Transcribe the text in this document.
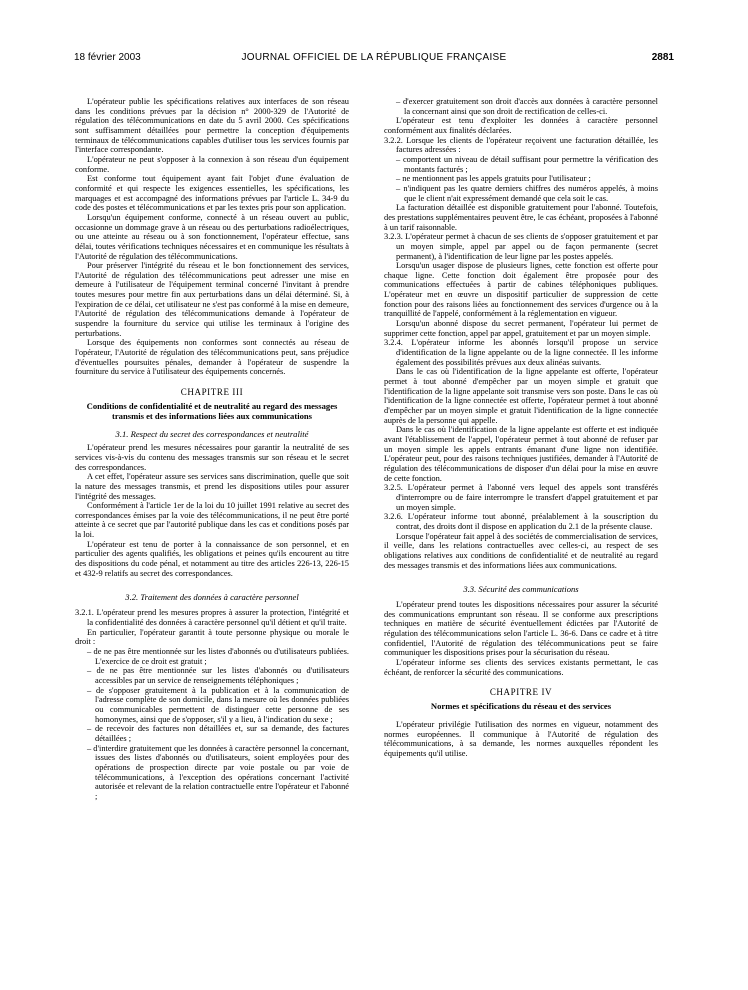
18 février 2003	JOURNAL OFFICIEL DE LA RÉPUBLIQUE FRANÇAISE	2881

L'opérateur publie les spécifications relatives aux interfaces de son réseau dans les conditions prévues par la décision n° 2000-329 de l'Autorité de régulation des télécommunications en date du 5 avril 2000. Ces spécifications sont suffisamment détaillées pour permettre la conception d'équipements terminaux de télécommunications capables d'utiliser tous les services fournis par l'interface correspondante.

L'opérateur ne peut s'opposer à la connexion à son réseau d'un équipement conforme.

Est conforme tout équipement ayant fait l'objet d'une évaluation de conformité et qui respecte les exigences essentielles, les spécifications, les marquages et est accompagné des informations prévues par l'article L. 34-9 du code des postes et télécommunications et par les textes pris pour son application.

Lorsqu'un équipement conforme, connecté à un réseau ouvert au public, occasionne un dommage grave à un réseau ou des perturbations radioélectriques, ou une atteinte au réseau ou à son fonctionnement, l'opérateur effectue, sans délai, toutes vérifications techniques nécessaires et en communique les résultats à l'Autorité de régulation des télécommunications.

Pour préserver l'intégrité du réseau et le bon fonctionnement des services, l'Autorité de régulation des télécommunications peut adresser une mise en demeure à l'utilisateur de l'équipement terminal concerné l'invitant à prendre toutes mesures pour mettre fin aux perturbations dans un délai déterminé. Si, à l'expiration de ce délai, cet utilisateur ne s'est pas conformé à la mise en demeure, l'Autorité de régulation des télécommunications demande à l'opérateur de suspendre la fourniture du service qui utilise les terminaux à l'origine des perturbations.

Lorsque des équipements non conformes sont connectés au réseau de l'opérateur, l'Autorité de régulation des télécommunications peut, sans préjudice d'éventuelles poursuites pénales, demander à l'opérateur de suspendre la fourniture du service à l'utilisateur des équipements concernés.

CHAPITRE III
Conditions de confidentialité et de neutralité au regard des messages transmis et des informations liées aux communications
3.1. Respect du secret des correspondances et neutralité

L'opérateur prend les mesures nécessaires pour garantir la neutralité de ses services vis-à-vis du contenu des messages transmis sur son réseau et le secret des correspondances.

A cet effet, l'opérateur assure ses services sans discrimination, quelle que soit la nature des messages transmis, et prend les dispositions utiles pour assurer l'intégrité des messages.

Conformément à l'article 1er de la loi du 10 juillet 1991 relative au secret des correspondances émises par la voie des télécommunications, il ne peut être porté atteinte à ce secret que par l'autorité publique dans les cas et conditions posés par la loi.

L'opérateur est tenu de porter à la connaissance de son personnel, et en particulier des agents qualifiés, les obligations et peines qu'ils encourent au titre des dispositions du code pénal, et notamment au titre des articles 226-13, 226-15 et 432-9 relatifs au secret des correspondances.

3.2. Traitement des données à caractère personnel

3.2.1. L'opérateur prend les mesures propres à assurer la protection, l'intégrité et la confidentialité des données à caractère personnel qu'il détient et qu'il traite.

En particulier, l'opérateur garantit à toute personne physique ou morale le droit :

– de ne pas être mentionnée sur les listes d'abonnés ou d'utilisateurs publiées. L'exercice de ce droit est gratuit ;

– de ne pas être mentionnée sur les listes d'abonnés ou d'utilisateurs accessibles par un service de renseignements téléphoniques ;

– de s'opposer gratuitement à la publication et à la communication de l'adresse complète de son domicile, dans la mesure où les données publiées ou communicables permettent de distinguer cette personne de ses homonymes, ainsi que de s'opposer, s'il y a lieu, à l'indication du sexe ;

– de recevoir des factures non détaillées et, sur sa demande, des factures détaillées ;

– d'interdire gratuitement que les données à caractère personnel la concernant, issues des listes d'abonnés ou d'utilisateurs, soient employées pour des opérations de prospection directe par voie postale ou par voie de télécommunications, à l'exception des opérations concernant l'activité autorisée et relevant de la relation contractuelle entre l'opérateur et l'abonné ;

– d'exercer gratuitement son droit d'accès aux données à caractère personnel la concernant ainsi que son droit de rectification de celles-ci.

L'opérateur est tenu d'exploiter les données à caractère personnel conformément aux finalités déclarées.

3.2.2. Lorsque les clients de l'opérateur reçoivent une facturation détaillée, les factures adressées :

– comportent un niveau de détail suffisant pour permettre la vérification des montants facturés ;

– ne mentionnent pas les appels gratuits pour l'utilisateur ;

– n'indiquent pas les quatre derniers chiffres des numéros appelés, à moins que le client n'ait expressément demandé que cela soit le cas.

La facturation détaillée est disponible gratuitement pour l'abonné. Toutefois, des prestations supplémentaires peuvent être, le cas échéant, proposées à l'abonné à un tarif raisonnable.

3.2.3. L'opérateur permet à chacun de ses clients de s'opposer gratuitement et par un moyen simple, appel par appel ou de façon permanente (secret permanent), à l'identification de leur ligne par les postes appelés.

Lorsqu'un usager dispose de plusieurs lignes, cette fonction est offerte pour chaque ligne. Cette fonction doit également être proposée pour des communications effectuées à partir de cabines téléphoniques publiques. L'opérateur met en œuvre un dispositif particulier de suppression de cette fonction pour des raisons liées au fonctionnement des services d'urgence ou à la tranquillité de l'appelé, conformément à la réglementation en vigueur.

Lorsqu'un abonné dispose du secret permanent, l'opérateur lui permet de supprimer cette fonction, appel par appel, gratuitement et par un moyen simple.

3.2.4. L'opérateur informe les abonnés lorsqu'il propose un service d'identification de la ligne appelante ou de la ligne connectée. Il les informe également des possibilités prévues aux deux alinéas suivants.

Dans le cas où l'identification de la ligne appelante est offerte, l'opérateur permet à tout abonné d'empêcher par un moyen simple et gratuit que l'identification de la ligne appelante soit transmise vers son poste. Dans le cas où l'identification de la ligne connectée est offerte, l'opérateur permet à tout abonné d'empêcher par un moyen simple et gratuit l'identification de la ligne connectée auprès de la personne qui appelle.

Dans le cas où l'identification de la ligne appelante est offerte et est indiquée avant l'établissement de l'appel, l'opérateur permet à tout abonné de refuser par un moyen simple les appels entrants émanant d'une ligne non identifiée. L'opérateur peut, pour des raisons techniques justifiées, demander à l'Autorité de régulation des télécommunications de disposer d'un délai pour la mise en œuvre de cette fonction.

3.2.5. L'opérateur permet à l'abonné vers lequel des appels sont transférés d'interrompre ou de faire interrompre le transfert d'appel gratuitement et par un moyen simple.

3.2.6. L'opérateur informe tout abonné, préalablement à la souscription du contrat, des droits dont il dispose en application du 2.1 de la présente clause.

Lorsque l'opérateur fait appel à des sociétés de commercialisation de services, il veille, dans les relations contractuelles avec celles-ci, au respect de ses obligations relatives aux conditions de confidentialité et de neutralité au regard des messages transmis et des informations liées aux communications.

3.3. Sécurité des communications

L'opérateur prend toutes les dispositions nécessaires pour assurer la sécurité des communications empruntant son réseau. Il se conforme aux prescriptions techniques en matière de sécurité éventuellement édictées par l'Autorité de régulation des télécommunications selon l'article L. 36-6. Dans ce cadre et à titre confidentiel, l'Autorité de régulation des télécommunications peut se faire communiquer les dispositions prises pour la sécurisation du réseau.

L'opérateur informe ses clients des services existants permettant, le cas échéant, de renforcer la sécurité des communications.

CHAPITRE IV
Normes et spécifications du réseau et des services

L'opérateur privilégie l'utilisation des normes en vigueur, notamment des normes européennes. Il communique à l'Autorité de régulation des télécommunications, à sa demande, les normes auxquelles répondent les équipements qu'il utilise.
